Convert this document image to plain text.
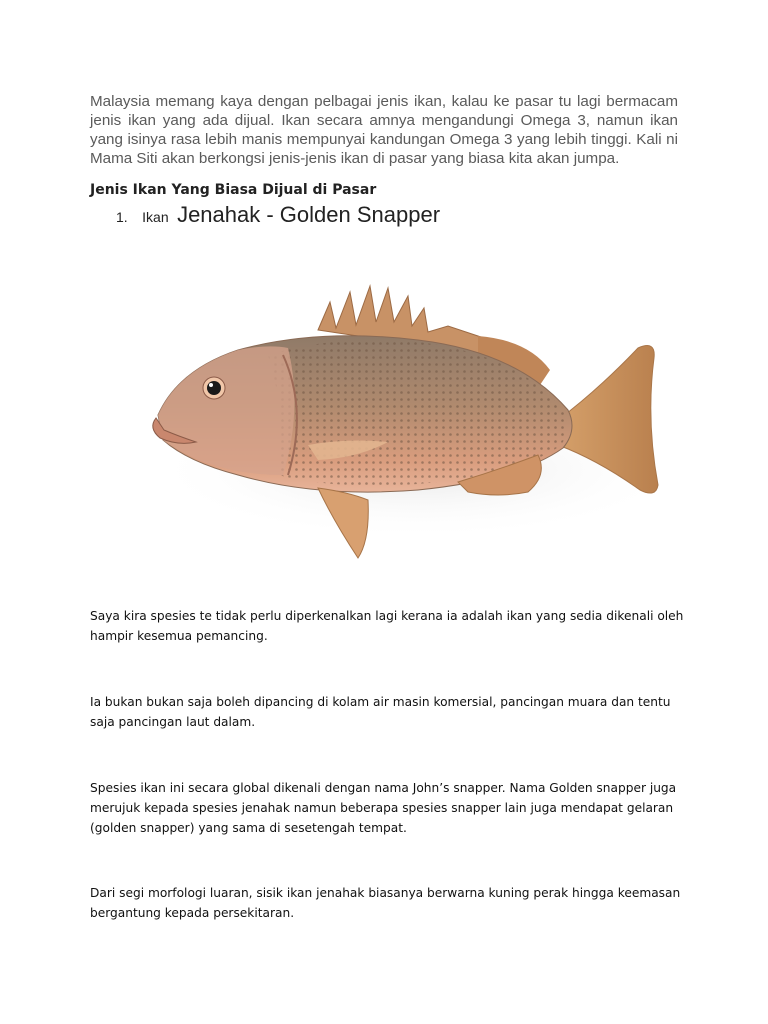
Malaysia memang kaya dengan pelbagai jenis ikan, kalau ke pasar tu lagi bermacam jenis ikan yang ada dijual. Ikan secara amnya mengandungi Omega 3, namun ikan yang isinya rasa lebih manis mempunyai kandungan Omega 3 yang lebih tinggi. Kali ni Mama Siti akan berkongsi jenis-jenis ikan di pasar yang biasa kita akan jumpa.

Jenis Ikan Yang Biasa Dijual di Pasar

1. Ikan Jenahak - Golden Snapper

Saya kira spesies te tidak perlu diperkenalkan lagi kerana ia adalah ikan yang sedia dikenali oleh hampir kesemua pemancing.

Ia bukan bukan saja boleh dipancing di kolam air masin komersial, pancingan muara dan tentu saja pancingan laut dalam.

Spesies ikan ini secara global dikenali dengan nama John’s snapper. Nama Golden snapper juga merujuk kepada spesies jenahak namun beberapa spesies snapper lain juga mendapat gelaran (golden snapper) yang sama di sesetengah tempat.

Dari segi morfologi luaran, sisik ikan jenahak biasanya berwarna kuning perak hingga keemasan bergantung kepada persekitaran.
